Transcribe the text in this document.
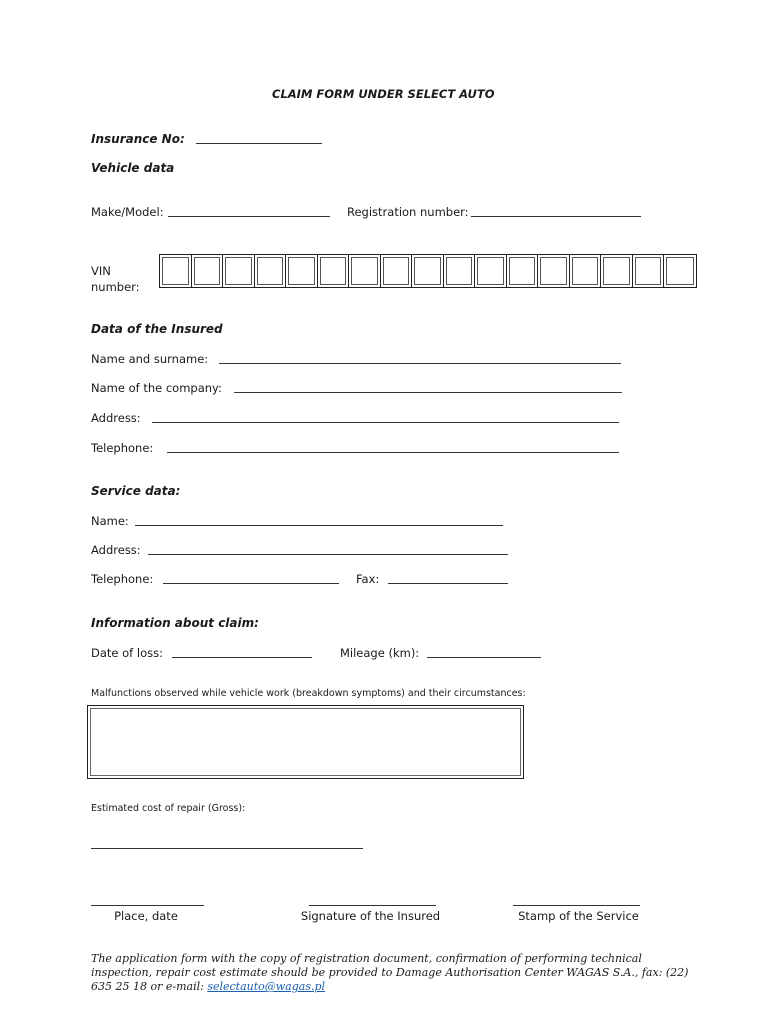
CLAIM FORM UNDER SELECT AUTO
Insurance No:
Vehicle data
Make/Model:	Registration number:
VIN
number:
Data of the Insured
Name and surname:
Name of the company:
Address:
Telephone:
Service data:
Name:
Address:
Telephone:	Fax:
Information about claim:
Date of loss:	Mileage (km):
Malfunctions observed while vehicle work (breakdown symptoms) and their circumstances:
Estimated cost of repair (Gross):
Place, date	Signature of the Insured	Stamp of the Service
The application form with the copy of registration document, confirmation of performing technical inspection, repair cost estimate should be provided to Damage Authorisation Center WAGAS S.A., fax: (22) 635 25 18 or e-mail: selectauto@wagas.pl
